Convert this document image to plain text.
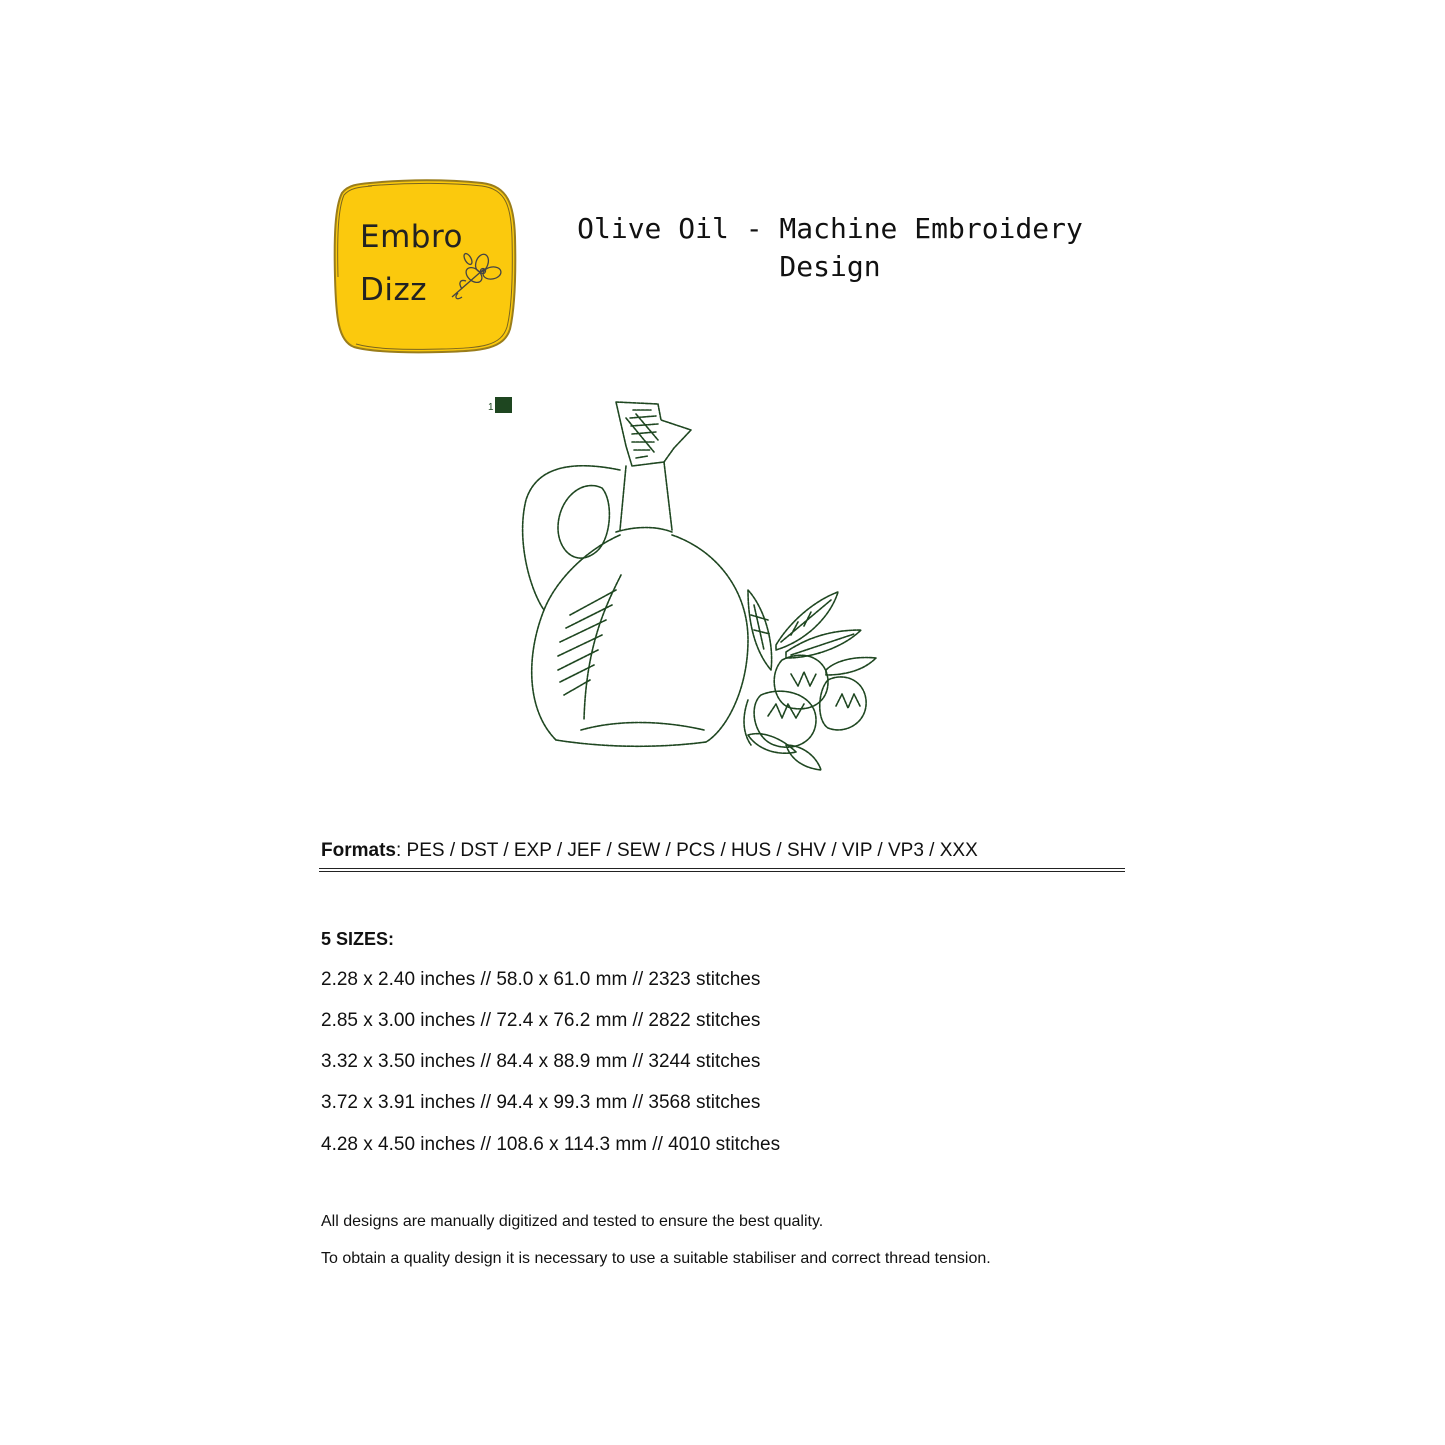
Embro
Dizz
Olive Oil - Machine Embroidery
Design
1
Formats: PES / DST / EXP / JEF / SEW / PCS / HUS / SHV / VIP / VP3 / XXX
5 SIZES:
2.28 x 2.40 inches // 58.0 x 61.0 mm // 2323 stitches
2.85 x 3.00 inches // 72.4 x 76.2 mm // 2822 stitches
3.32 x 3.50 inches // 84.4 x 88.9 mm // 3244 stitches
3.72 x 3.91 inches // 94.4 x 99.3 mm // 3568 stitches
4.28 x 4.50 inches // 108.6 x 114.3 mm // 4010 stitches
All designs are manually digitized and tested to ensure the best quality.
To obtain a quality design it is necessary to use a suitable stabiliser and correct thread tension.
